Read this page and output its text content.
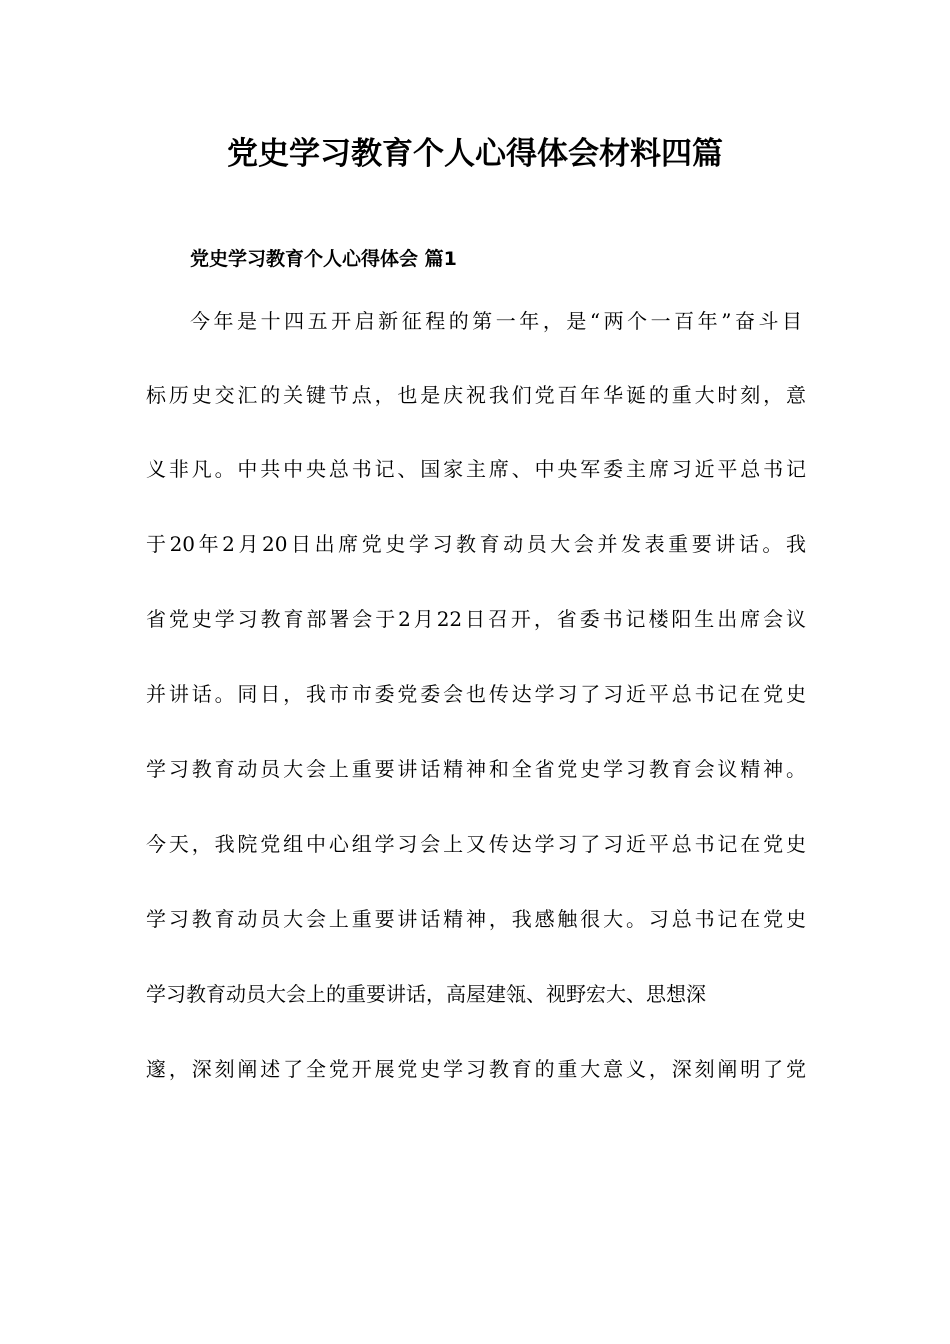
党史学习教育个人心得体会材料四篇
党史学习教育个人心得体会 篇1
今年是十四五开启新征程的第一年，是“两个一百年”奋斗目
标历史交汇的关键节点，也是庆祝我们党百年华诞的重大时刻，意
义非凡。中共中央总书记、国家主席、中央军委主席习近平总书记
于20年2月20日出席党史学习教育动员大会并发表重要讲话。我
省党史学习教育部署会于2月22日召开，省委书记楼阳生出席会议
并讲话。同日，我市市委党委会也传达学习了习近平总书记在党史
学习教育动员大会上重要讲话精神和全省党史学习教育会议精神。
今天，我院党组中心组学习会上又传达学习了习近平总书记在党史
学习教育动员大会上重要讲话精神，我感触很大。习总书记在党史
学习教育动员大会上的重要讲话，高屋建瓴、视野宏大、思想深
邃，深刻阐述了全党开展党史学习教育的重大意义，深刻阐明了党
